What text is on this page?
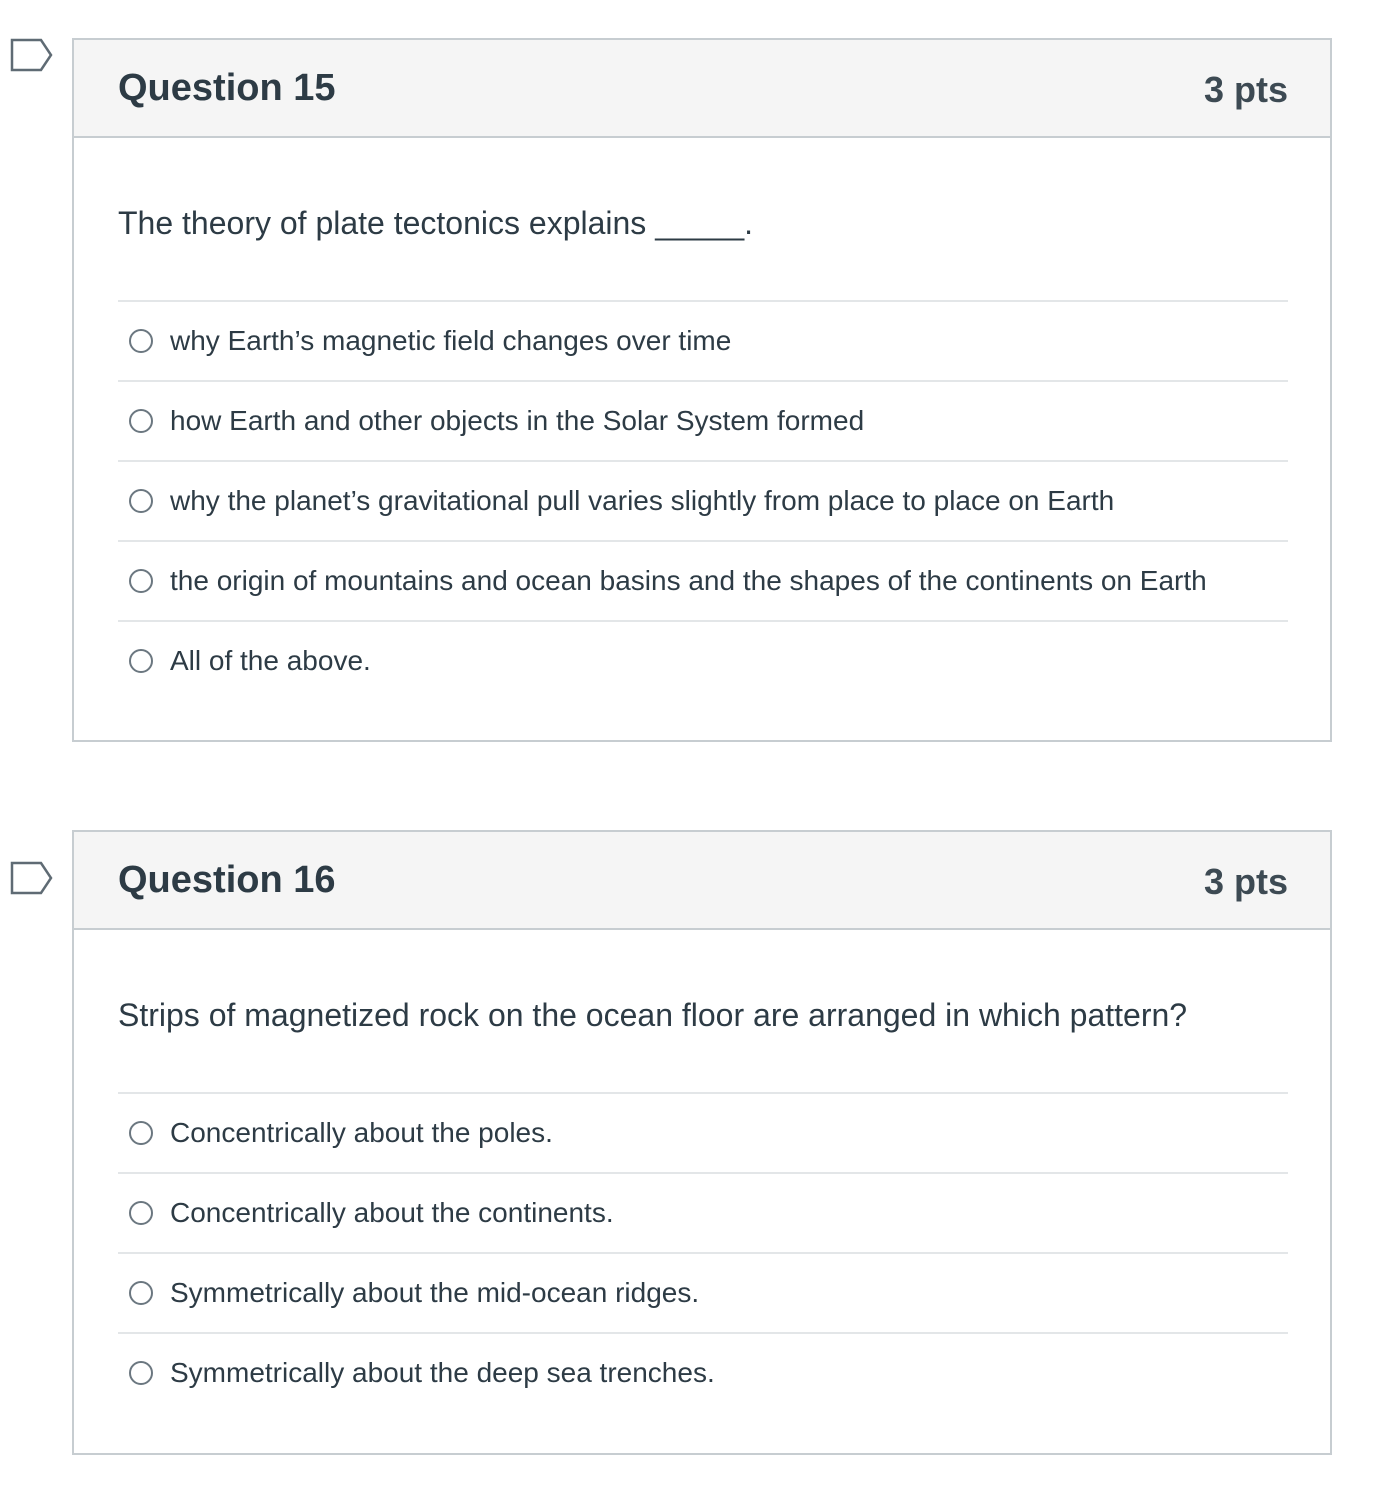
Question 15	3 pts

The theory of plate tectonics explains _____.

why Earth’s magnetic field changes over time
how Earth and other objects in the Solar System formed
why the planet’s gravitational pull varies slightly from place to place on Earth
the origin of mountains and ocean basins and the shapes of the continents on Earth
All of the above.
Question 16	3 pts

Strips of magnetized rock on the ocean floor are arranged in which pattern?

Concentrically about the poles.
Concentrically about the continents.
Symmetrically about the mid-ocean ridges.
Symmetrically about the deep sea trenches.
